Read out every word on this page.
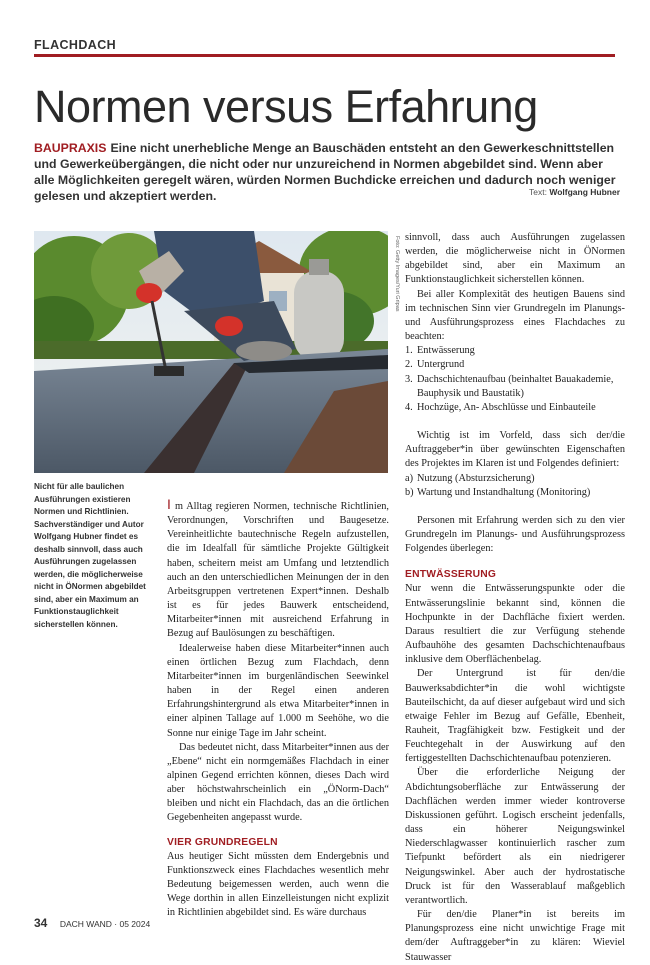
FLACHDACH
Normen versus Erfahrung
BAUPRAXIS Eine nicht unerhebliche Menge an Bauschäden entsteht an den Gewerkeschnittstellen und Gewerkeübergängen, die nicht oder nur unzureichend in Normen abgebildet sind. Wenn aber alle Möglichkeiten geregelt wären, würden Normen Buchdicke erreichen und dadurch noch weniger gelesen und akzeptiert werden.	Text: Wolfgang Hubner
Foto: Getty Images/Yuri Gripas
Nicht für alle baulichen Ausführungen existieren Normen und Richtlinien. Sachverständiger und Autor Wolfgang Hubner findet es deshalb sinnvoll, dass auch Ausführungen zugelassen werden, die möglicherweise nicht in ÖNormen abgebildet sind, aber ein Maximum an Funktionstauglichkeit sicherstellen können.

I m Alltag regieren Normen, technische Richtlinien, Verordnungen, Vorschriften und Baugesetze. Vereinheitlichte bautechnische Regeln aufzustellen, die im Idealfall für sämtliche Projekte Gültigkeit haben, scheitern meist am Umfang und letztendlich auch an den unterschiedlichen Meinungen der in den Arbeitsgruppen vertretenen Expert*innen. Deshalb ist es für jedes Bauwerk entscheidend, Mitarbeiter*innen mit ausreichend Erfahrung in Bezug auf Baulösungen zu beschäftigen.

Idealerweise haben diese Mitarbeiter*innen auch einen örtlichen Bezug zum Flachdach, denn Mitarbeiter*innen im burgenländischen Seewinkel haben in der Regel einen anderen Erfahrungshintergrund als etwa Mitarbeiter*innen in einer alpinen Tallage auf 1.000 m Seehöhe, wo die Sonne nur einige Tage im Jahr scheint.

Das bedeutet nicht, dass Mitarbeiter*innen aus der „Ebene“ nicht ein normgemäßes Flachdach in einer alpinen Gegend errichten können, dieses Dach wird aber höchstwahrscheinlich ein „ÖNorm-Dach“ bleiben und nicht ein Flachdach, das an die örtlichen Gegebenheiten angepasst wurde.

VIER GRUNDREGELN

Aus heutiger Sicht müssten dem Endergebnis und Funktionszweck eines Flachdaches wesentlich mehr Bedeutung beigemessen werden, auch wenn die Wege dorthin in allen Einzelleistungen nicht explizit in Richtlinien abgebildet sind. Es wäre durchaus

sinnvoll, dass auch Ausführungen zugelassen werden, die möglicherweise nicht in ÖNormen abgebildet sind, aber ein Maximum an Funktionstauglichkeit sicherstellen können.

Bei aller Komplexität des heutigen Bauens sind im technischen Sinn vier Grundregeln im Planungs- und Ausführungsprozess eines Flachdaches zu beachten:

1. Entwässerung
2. Untergrund
3. Dachschichtenaufbau (beinhaltet Bauakademie, Bauphysik und Baustatik)
4. Hochzüge, An- Abschlüsse und Einbauteile

Wichtig ist im Vorfeld, dass sich der/die Auftraggeber*in über gewünschten Eigenschaften des Projektes im Klaren ist und Folgendes definiert:

a) Nutzung (Absturzsicherung)
b) Wartung und Instandhaltung (Monitoring)

Personen mit Erfahrung werden sich zu den vier Grundregeln im Planungs- und Ausführungsprozess Folgendes überlegen:

ENTWÄSSERUNG

Nur wenn die Entwässerungspunkte oder die Entwässerungslinie bekannt sind, können die Hochpunkte in der Dachfläche fixiert werden. Daraus resultiert die zur Verfügung stehende Aufbauhöhe des gesamten Dachschichtenaufbaus inklusive dem Oberflächenbelag.

Der Untergrund ist für den/die Bauwerksabdichter*in die wohl wichtigste Bauteilschicht, da auf dieser aufgebaut wird und sich etwaige Fehler im Bezug auf Gefälle, Ebenheit, Rauheit, Tragfähigkeit bzw. Festigkeit und der Feuchtegehalt in der Auswirkung auf den fertiggestellten Dachschichtenaufbau potenzieren.

Über die erforderliche Neigung der Abdichtungsoberfläche zur Entwässerung der Dachflächen werden immer wieder kontroverse Diskussionen geführt. Logisch erscheint jedenfalls, dass ein höherer Neigungswinkel Niederschlagwasser kontinuierlich rascher zum Tiefpunkt befördert als ein niedrigerer Neigungswinkel. Aber auch der hydrostatische Druck ist für den Wasserablauf maßgeblich verantwortlich.

Für den/die Planer*in ist bereits im Planungsprozess eine nicht unwichtige Frage mit dem/der Auftraggeber*in zu klären: Wieviel Stauwasser

34 DACH WAND · 05 2024
